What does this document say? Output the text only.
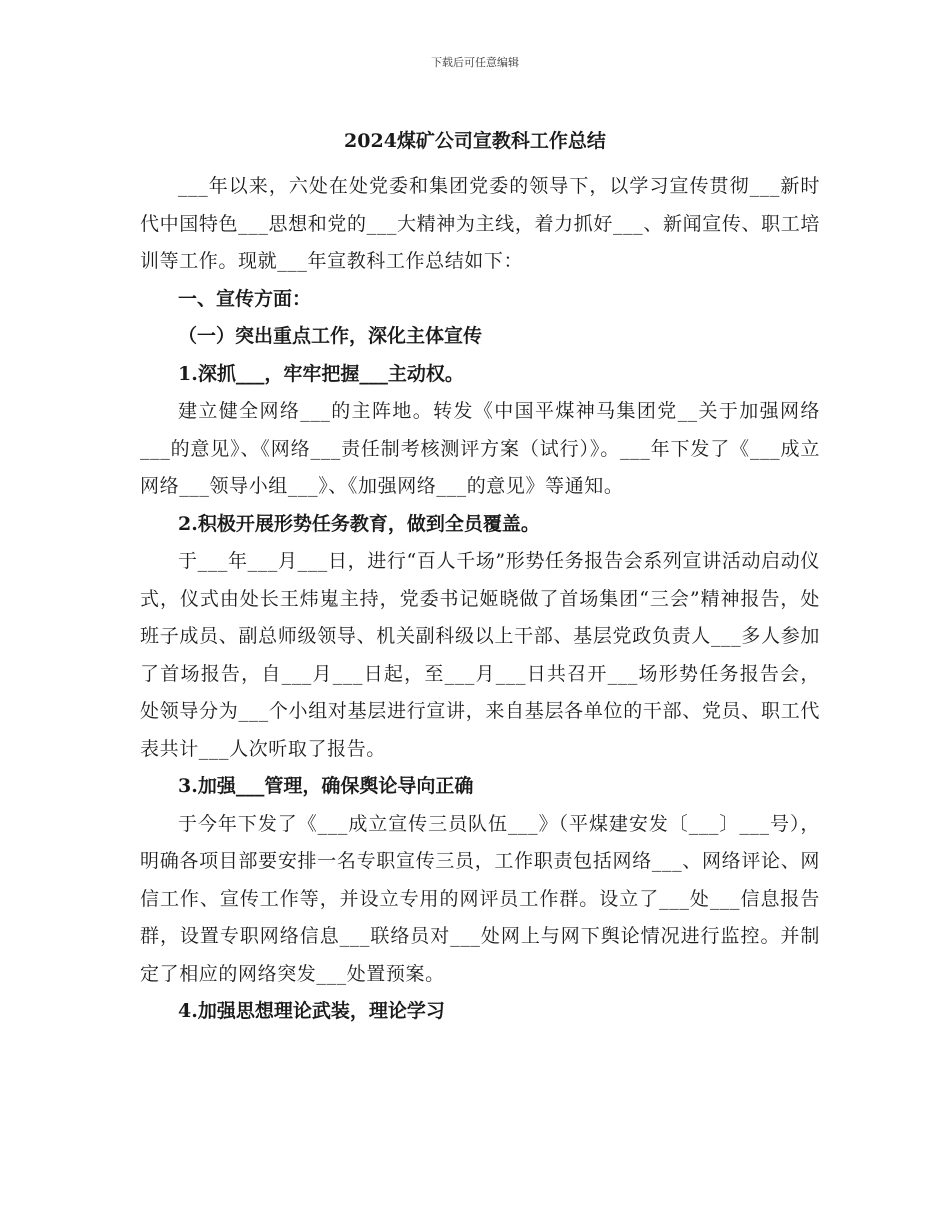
下载后可任意编辑
2024煤矿公司宣教科工作总结

___年以来，六处在处党委和集团党委的领导下，以学习宣传贯彻___新时代中国特色___思想和党的___大精神为主线，着力抓好___、新闻宣传、职工培训等工作。现就___年宣教科工作总结如下：

一、宣传方面：

（一）突出重点工作，深化主体宣传

1.深抓___，牢牢把握___主动权。

建立健全网络___的主阵地。转发《中国平煤神马集团党__关于加强网络___的意见》、《网络___责任制考核测评方案（试行）》。___年下发了《___成立网络___领导小组___》、《加强网络___的意见》等通知。

2.积极开展形势任务教育，做到全员覆盖。

于___年___月___日，进行“百人千场”形势任务报告会系列宣讲活动启动仪式，仪式由处长王炜嵬主持，党委书记姬晓做了首场集团“三会”精神报告，处班子成员、副总师级领导、机关副科级以上干部、基层党政负责人___多人参加了首场报告，自___月___日起，至___月___日共召开___场形势任务报告会，处领导分为___个小组对基层进行宣讲，来自基层各单位的干部、党员、职工代表共计___人次听取了报告。

3.加强___管理，确保舆论导向正确

于今年下发了《___成立宣传三员队伍___》（平煤建安发〔___〕___号），明确各项目部要安排一名专职宣传三员，工作职责包括网络___、网络评论、网信工作、宣传工作等，并设立专用的网评员工作群。设立了___处___信息报告群，设置专职网络信息___联络员对___处网上与网下舆论情况进行监控。并制定了相应的网络突发___处置预案。

4.加强思想理论武装，理论学习
